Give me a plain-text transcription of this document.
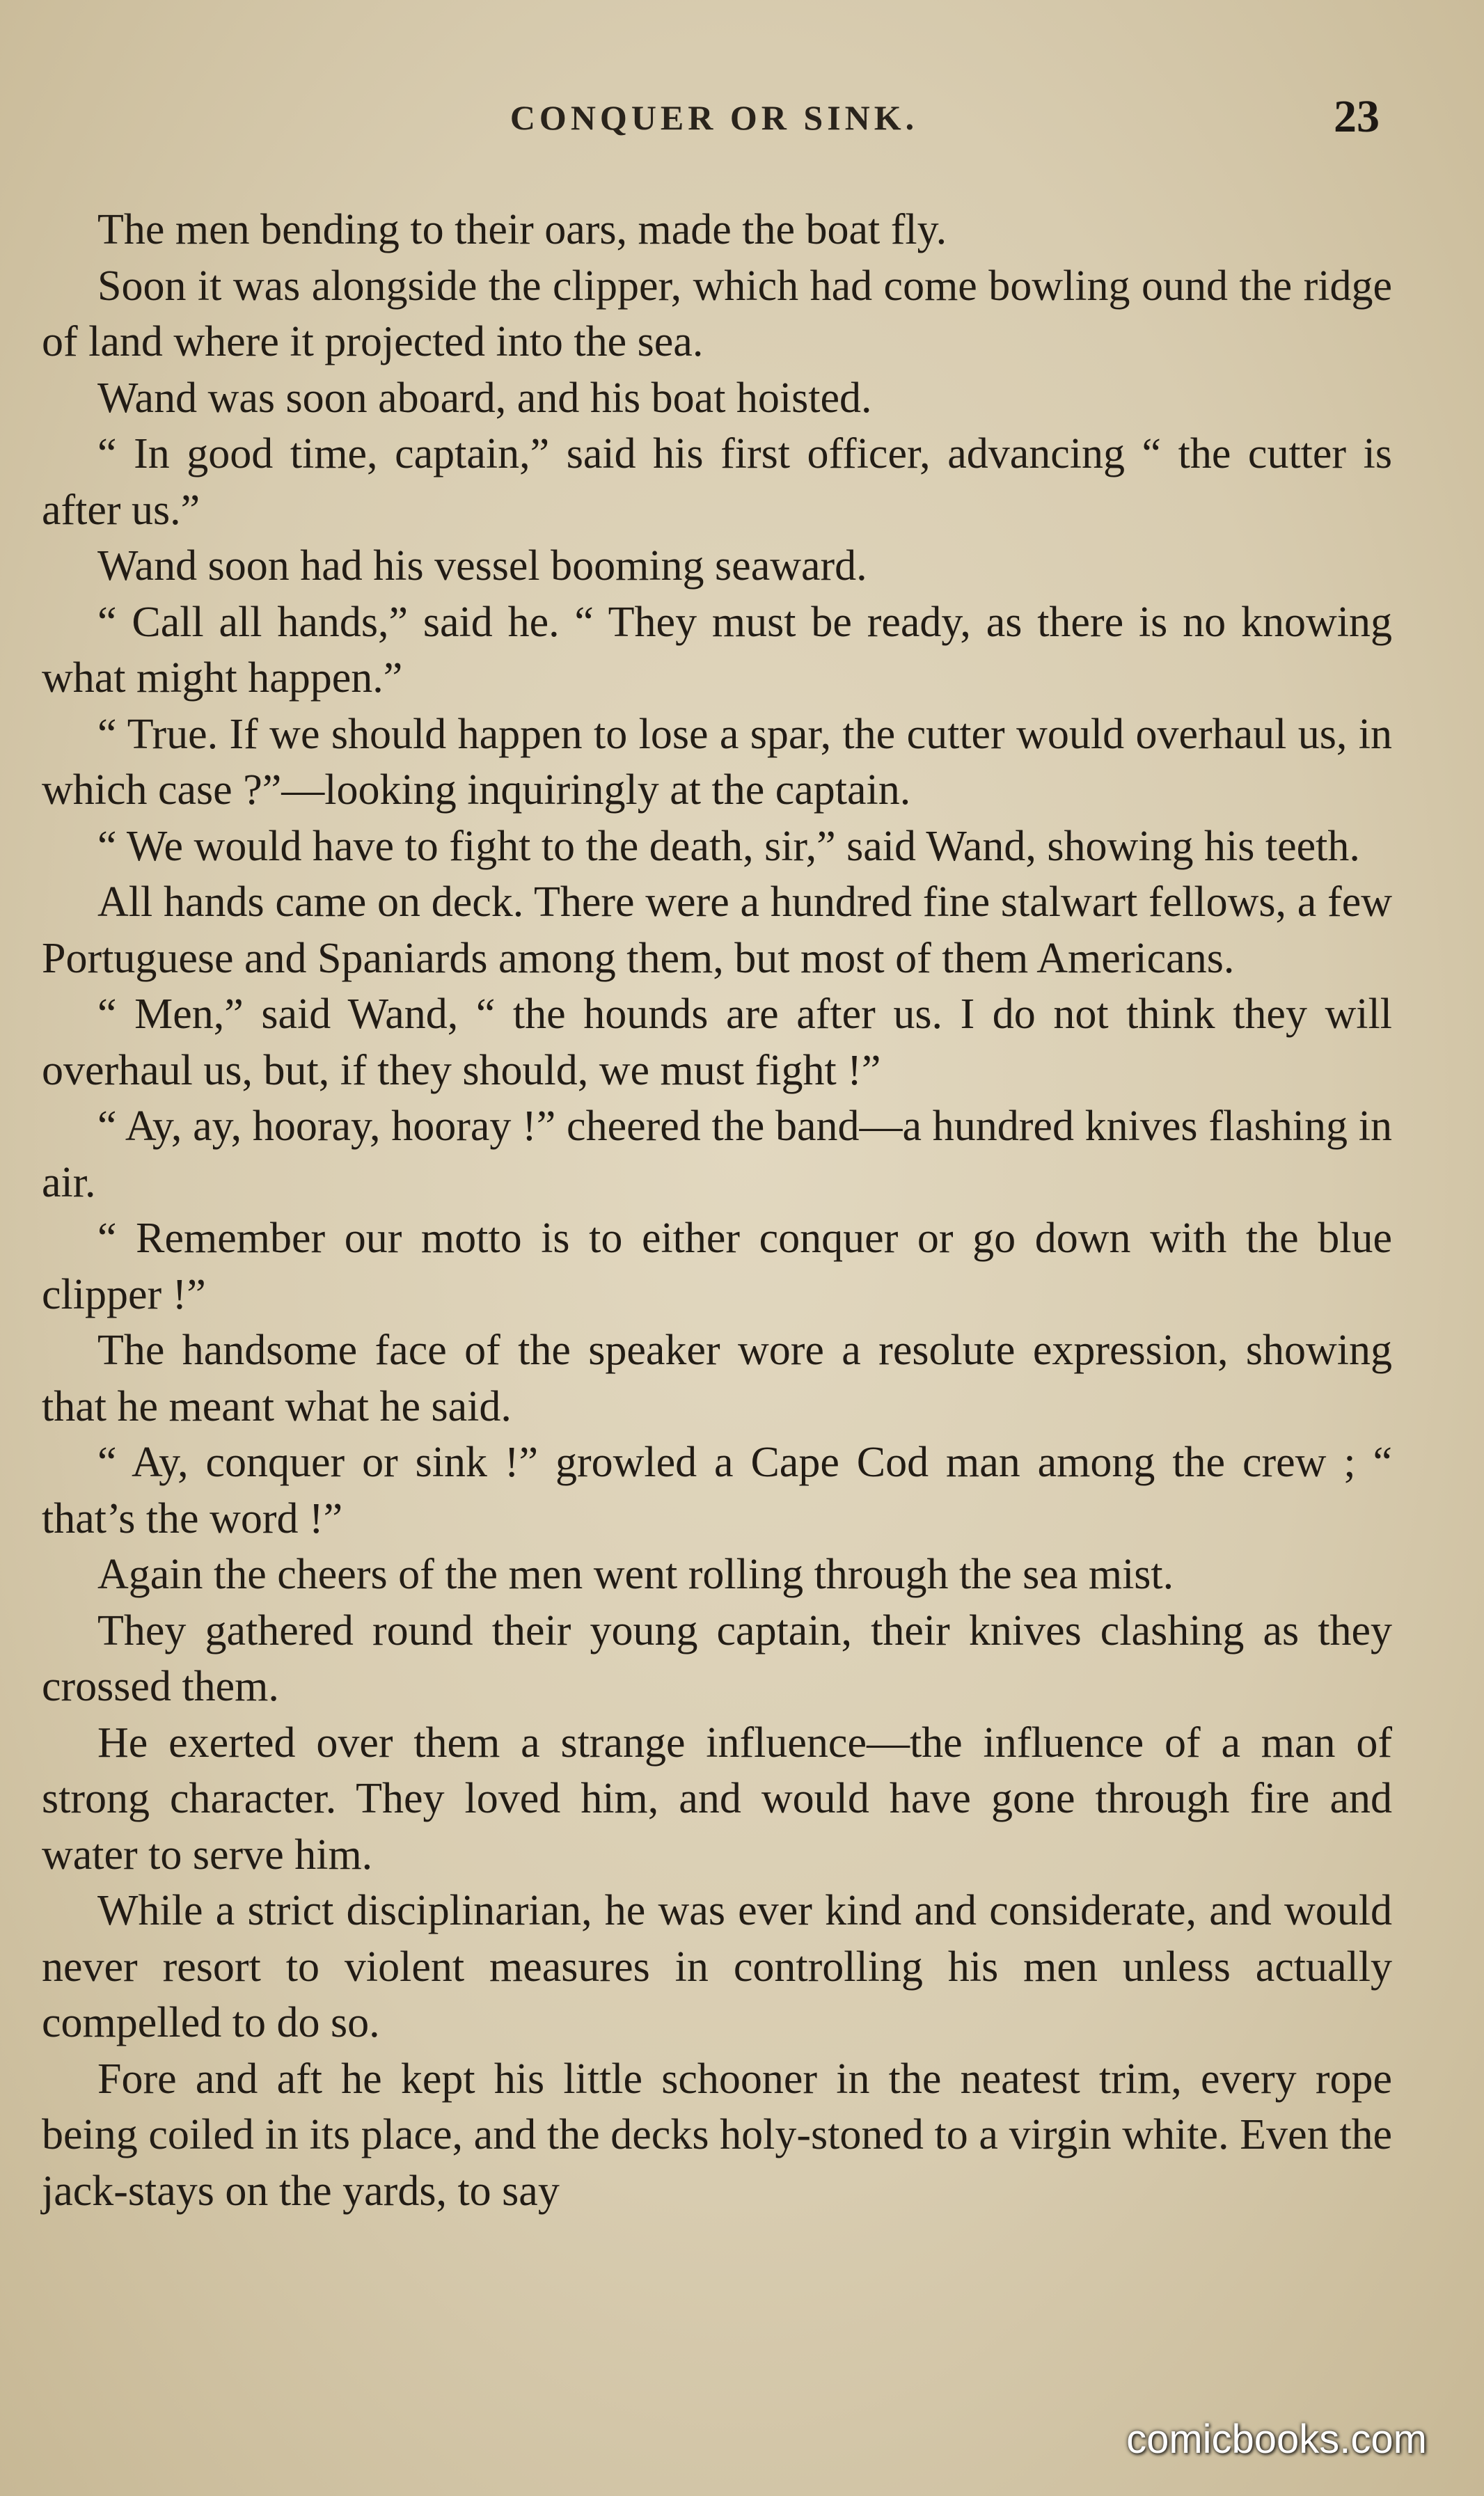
CONQUER OR SINK.	23

The men bending to their oars, made the boat fly.

Soon it was alongside the clipper, which had come bowling ound the ridge of land where it projected into the sea.

Wand was soon aboard, and his boat hoisted.

“ In good time, captain,” said his first officer, advancing “ the cutter is after us.”

Wand soon had his vessel booming seaward.

“ Call all hands,” said he. “ They must be ready, as there is no knowing what might happen.”

“ True. If we should happen to lose a spar, the cutter would overhaul us, in which case ?”—looking inquiringly at the captain.

“ We would have to fight to the death, sir,” said Wand, showing his teeth.

All hands came on deck. There were a hundred fine stalwart fellows, a few Portuguese and Spaniards among them, but most of them Americans.

“ Men,” said Wand, “ the hounds are after us. I do not think they will overhaul us, but, if they should, we must fight !”

“ Ay, ay, hooray, hooray !” cheered the band—a hundred knives flashing in air.

“ Remember our motto is to either conquer or go down with the blue clipper !”

The handsome face of the speaker wore a resolute expression, showing that he meant what he said.

“ Ay, conquer or sink !” growled a Cape Cod man among the crew ; “ that’s the word !”

Again the cheers of the men went rolling through the sea mist.

They gathered round their young captain, their knives clashing as they crossed them.

He exerted over them a strange influence—the influence of a man of strong character. They loved him, and would have gone through fire and water to serve him.

While a strict disciplinarian, he was ever kind and considerate, and would never resort to violent measures in controlling his men unless actually compelled to do so.

Fore and aft he kept his little schooner in the neatest trim, every rope being coiled in its place, and the decks holy-stoned to a virgin white. Even the jack-stays on the yards, to say

comicbooks.com
